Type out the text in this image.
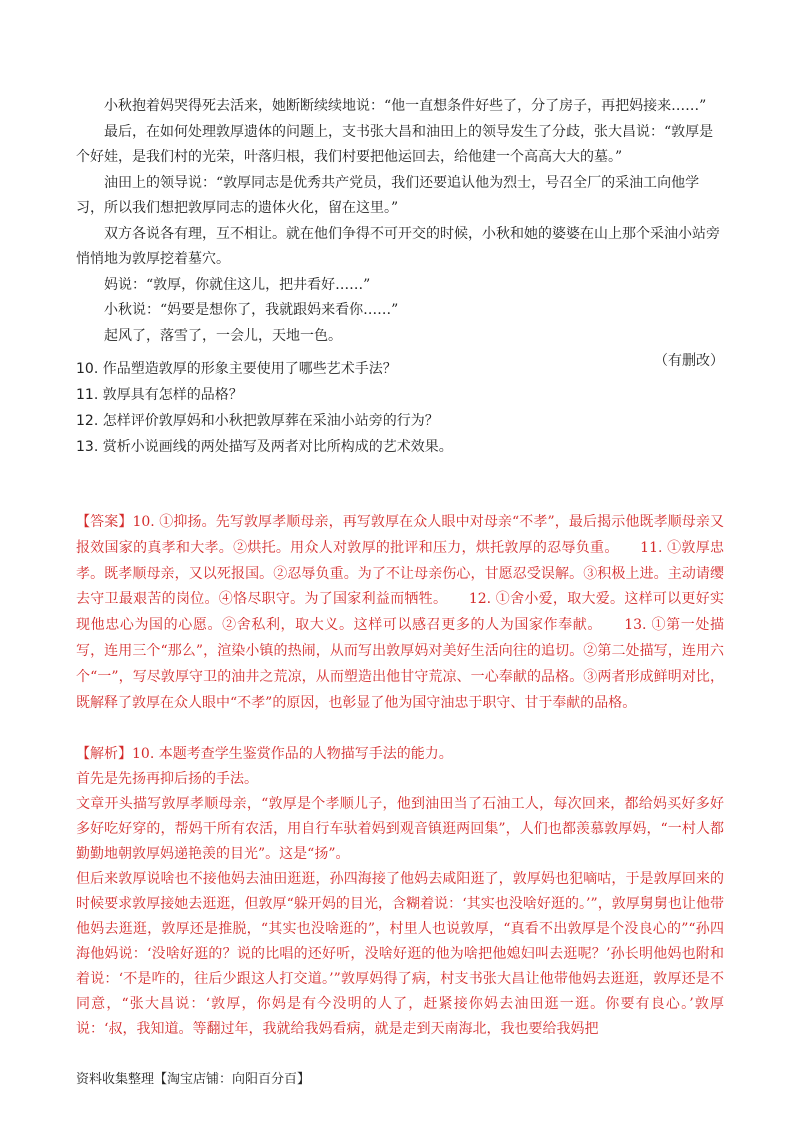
小秋抱着妈哭得死去活来，她断断续续地说：“他一直想条件好些了，分了房子，再把妈接来……”

最后，在如何处理敦厚遗体的问题上，支书张大昌和油田上的领导发生了分歧，张大昌说：“敦厚是个好娃，是我们村的光荣，叶落归根，我们村要把他运回去，给他建一个高高大大的墓。”

油田上的领导说：“敦厚同志是优秀共产党员，我们还要追认他为烈士，号召全厂的采油工向他学习，所以我们想把敦厚同志的遗体火化，留在这里。”

双方各说各有理，互不相让。就在他们争得不可开交的时候，小秋和她的婆婆在山上那个采油小站旁悄悄地为敦厚挖着墓穴。

妈说：“敦厚，你就住这儿，把井看好……”

小秋说：“妈要是想你了，我就跟妈来看你……”

起风了，落雪了，一会儿，天地一色。

（有删改）

10. 作品塑造敦厚的形象主要使用了哪些艺术手法？

11. 敦厚具有怎样的品格？

12. 怎样评价敦厚妈和小秋把敦厚葬在采油小站旁的行为？

13. 赏析小说画线的两处描写及两者对比所构成的艺术效果。

【答案】10. ①抑扬。先写敦厚孝顺母亲，再写敦厚在众人眼中对母亲“不孝”，最后揭示他既孝顺母亲又报效国家的真孝和大孝。②烘托。用众人对敦厚的批评和压力，烘托敦厚的忍辱负重。　　11. ①敦厚忠孝。既孝顺母亲，又以死报国。②忍辱负重。为了不让母亲伤心，甘愿忍受误解。③积极上进。主动请缨去守卫最艰苦的岗位。④恪尽职守。为了国家利益而牺牲。　　12. ①舍小爱，取大爱。这样可以更好实现他忠心为国的心愿。②舍私利，取大义。这样可以感召更多的人为国家作奉献。　　13. ①第一处描写，连用三个“那么”，渲染小镇的热闹，从而写出敦厚妈对美好生活向往的追切。②第二处描写，连用六个“一”，写尽敦厚守卫的油井之荒凉，从而塑造出他甘守荒凉、一心奉献的品格。③两者形成鲜明对比，既解释了敦厚在众人眼中“不孝”的原因，也彰显了他为国守油忠于职守、甘于奉献的品格。

【解析】10. 本题考查学生鉴赏作品的人物描写手法的能力。

首先是先扬再抑后扬的手法。

文章开头描写敦厚孝顺母亲，“敦厚是个孝顺儿子，他到油田当了石油工人，每次回来，都给妈买好多好多好吃好穿的，帮妈干所有农活，用自行车驮着妈到观音镇逛两回集”，人们也都羡慕敦厚妈，“一村人都勤勤地朝敦厚妈递艳羡的目光”。这是“扬”。

但后来敦厚说啥也不接他妈去油田逛逛，孙四海接了他妈去咸阳逛了，敦厚妈也犯嘀咕，于是敦厚回来的时候要求敦厚接她去逛逛，但敦厚“躲开妈的目光，含糊着说：‘其实也没啥好逛的。’”，敦厚舅舅也让他带他妈去逛逛，敦厚还是推脱，“其实也没啥逛的”，村里人也说敦厚，“真看不出敦厚是个没良心的”“孙四海他妈说：‘没啥好逛的？说的比唱的还好听，没啥好逛的他为啥把他媳妇叫去逛呢？’孙长明他妈也附和着说：‘不是咋的，往后少跟这人打交道。’”敦厚妈得了病，村支书张大昌让他带他妈去逛逛，敦厚还是不同意，“张大昌说：‘敦厚，你妈是有今没明的人了，赶紧接你妈去油田逛一逛。你要有良心。’敦厚说：‘叔，我知道。等翻过年，我就给我妈看病，就是走到天南海北，我也要给我妈把

资料收集整理【淘宝店铺：向阳百分百】
